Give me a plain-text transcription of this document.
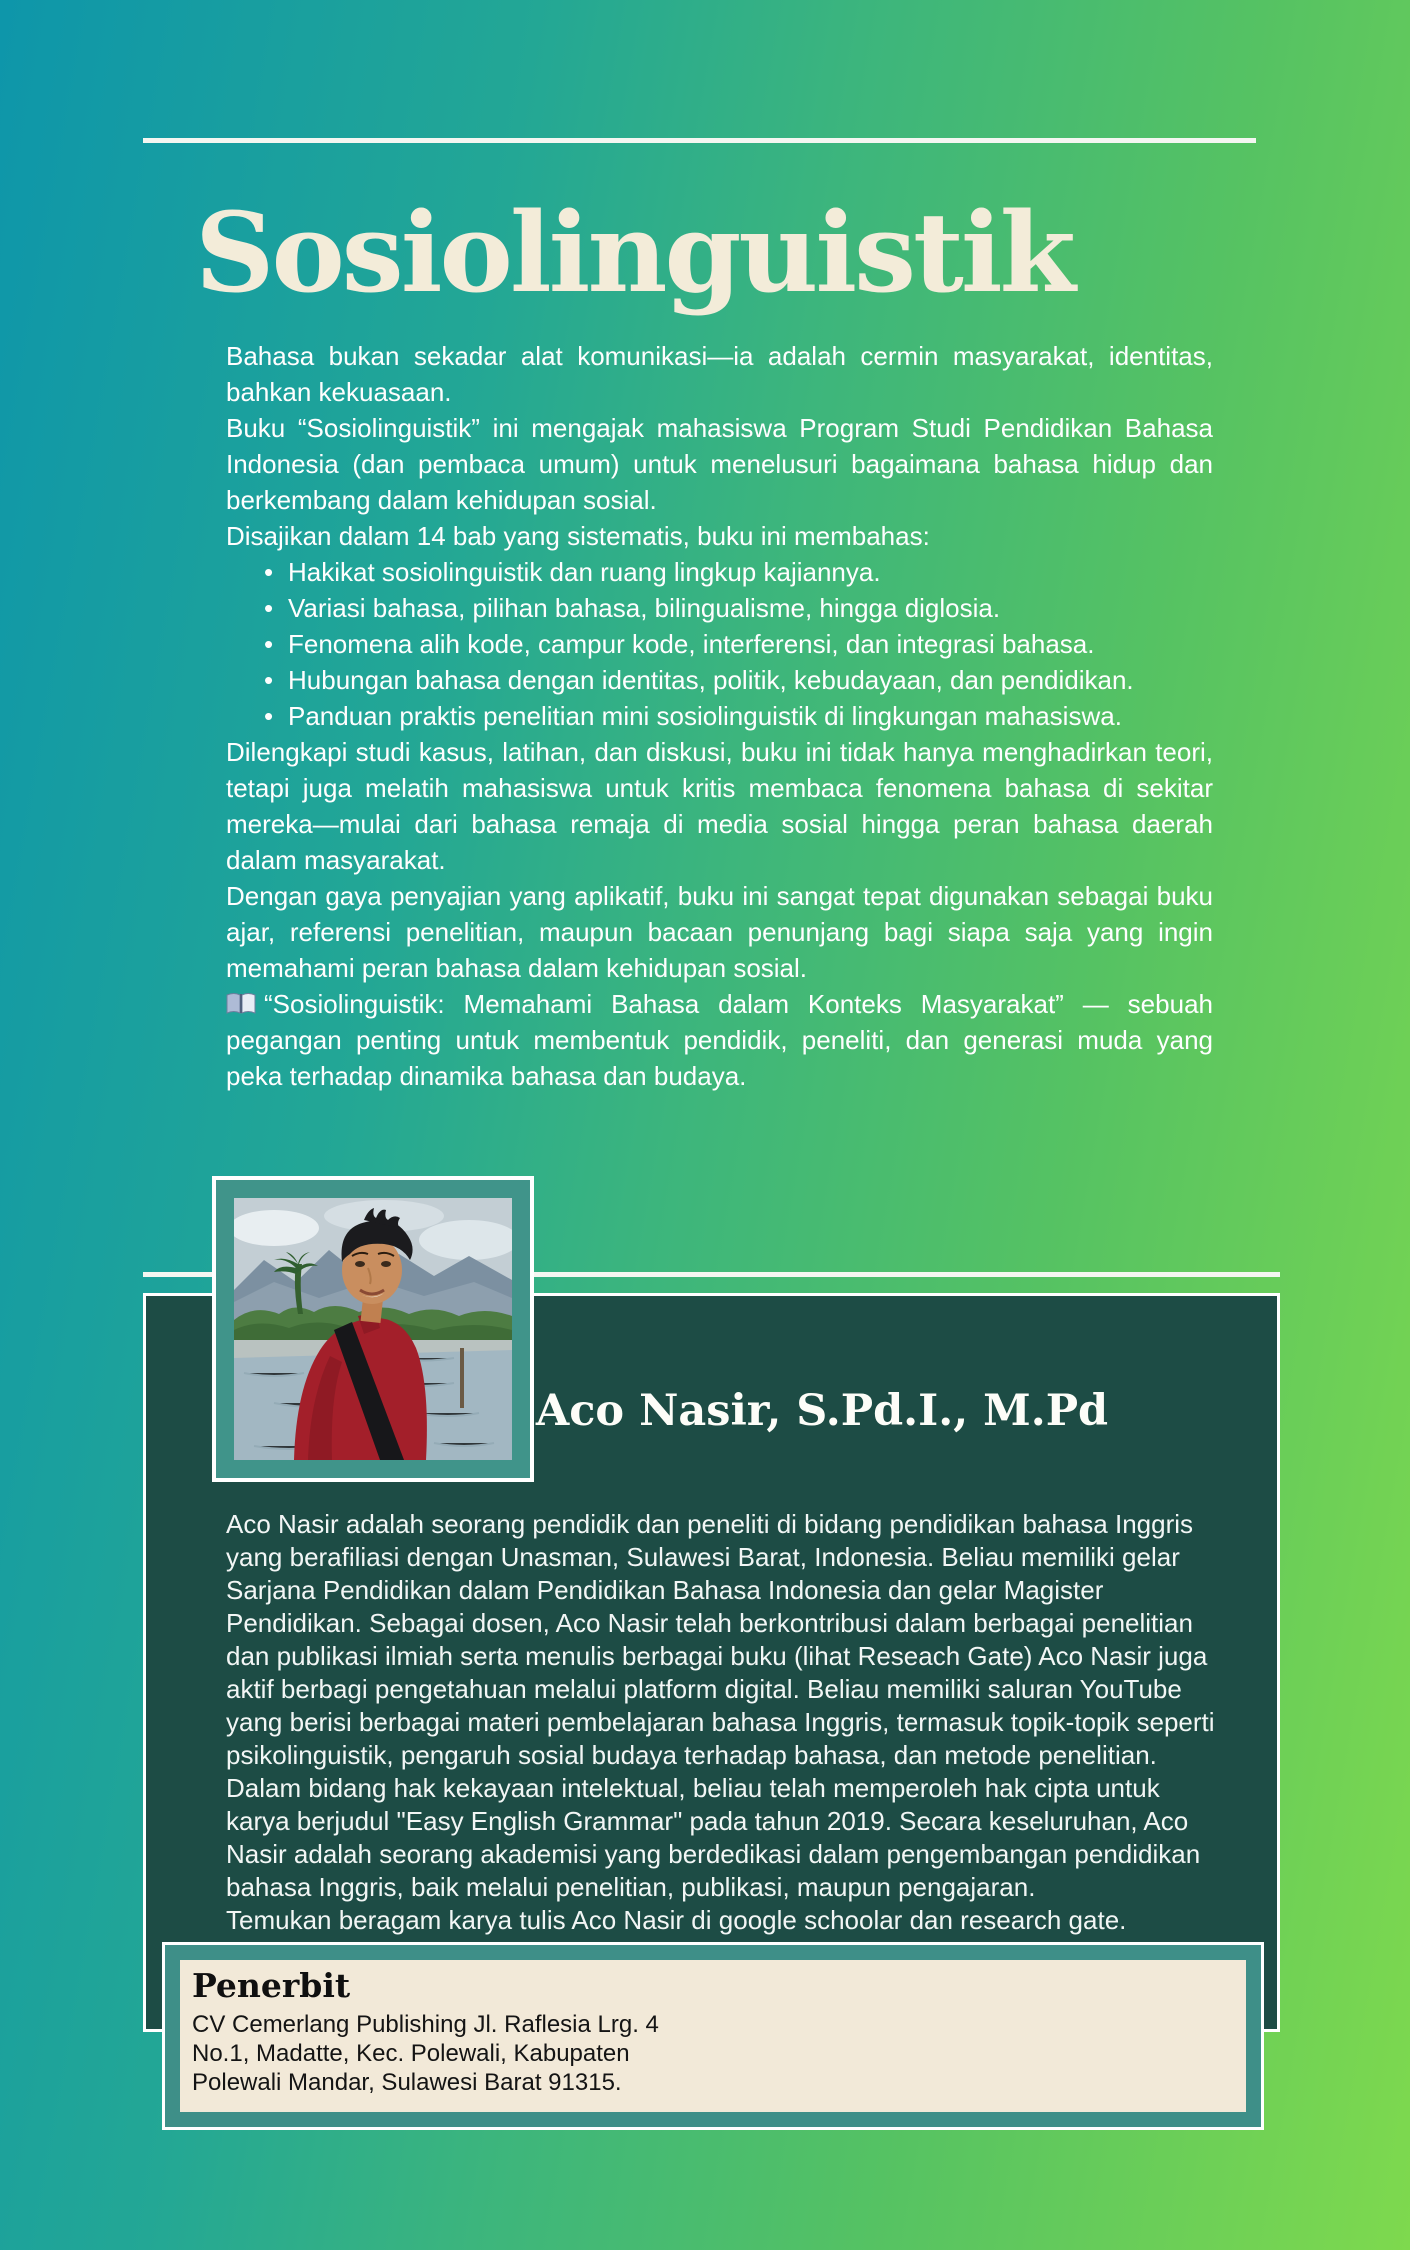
Sosiolinguistik

Bahasa bukan sekadar alat komunikasi—ia adalah cermin masyarakat, identitas, bahkan kekuasaan.

Buku “Sosiolinguistik” ini mengajak mahasiswa Program Studi Pendidikan Bahasa Indonesia (dan pembaca umum) untuk menelusuri bagaimana bahasa hidup dan berkembang dalam kehidupan sosial.

Disajikan dalam 14 bab yang sistematis, buku ini membahas:

• Hakikat sosiolinguistik dan ruang lingkup kajiannya.
• Variasi bahasa, pilihan bahasa, bilingualisme, hingga diglosia.
• Fenomena alih kode, campur kode, interferensi, dan integrasi bahasa.
• Hubungan bahasa dengan identitas, politik, kebudayaan, dan pendidikan.
• Panduan praktis penelitian mini sosiolinguistik di lingkungan mahasiswa.

Dilengkapi studi kasus, latihan, dan diskusi, buku ini tidak hanya menghadirkan teori, tetapi juga melatih mahasiswa untuk kritis membaca fenomena bahasa di sekitar mereka—mulai dari bahasa remaja di media sosial hingga peran bahasa daerah dalam masyarakat.

Dengan gaya penyajian yang aplikatif, buku ini sangat tepat digunakan sebagai buku ajar, referensi penelitian, maupun bacaan penunjang bagi siapa saja yang ingin memahami peran bahasa dalam kehidupan sosial.

“Sosiolinguistik: Memahami Bahasa dalam Konteks Masyarakat” — sebuah pegangan penting untuk membentuk pendidik, peneliti, dan generasi muda yang peka terhadap dinamika bahasa dan budaya.

Aco Nasir, S.Pd.I., M.Pd

Aco Nasir adalah seorang pendidik dan peneliti di bidang pendidikan bahasa Inggris yang berafiliasi dengan Unasman, Sulawesi Barat, Indonesia. Beliau memiliki gelar Sarjana Pendidikan dalam Pendidikan Bahasa Indonesia dan gelar Magister Pendidikan. Sebagai dosen, Aco Nasir telah berkontribusi dalam berbagai penelitian dan publikasi ilmiah serta menulis berbagai buku (lihat Reseach Gate) Aco Nasir juga aktif berbagi pengetahuan melalui platform digital. Beliau memiliki saluran YouTube yang berisi berbagai materi pembelajaran bahasa Inggris, termasuk topik-topik seperti psikolinguistik, pengaruh sosial budaya terhadap bahasa, dan metode penelitian. Dalam bidang hak kekayaan intelektual, beliau telah memperoleh hak cipta untuk karya berjudul "Easy English Grammar" pada tahun 2019. Secara keseluruhan, Aco Nasir adalah seorang akademisi yang berdedikasi dalam pengembangan pendidikan bahasa Inggris, baik melalui penelitian, publikasi, maupun pengajaran.

Temukan beragam karya tulis Aco Nasir di google schoolar dan research gate.

Penerbit

CV Cemerlang Publishing Jl. Raflesia Lrg. 4

No.1, Madatte, Kec. Polewali, Kabupaten

Polewali Mandar, Sulawesi Barat 91315.
